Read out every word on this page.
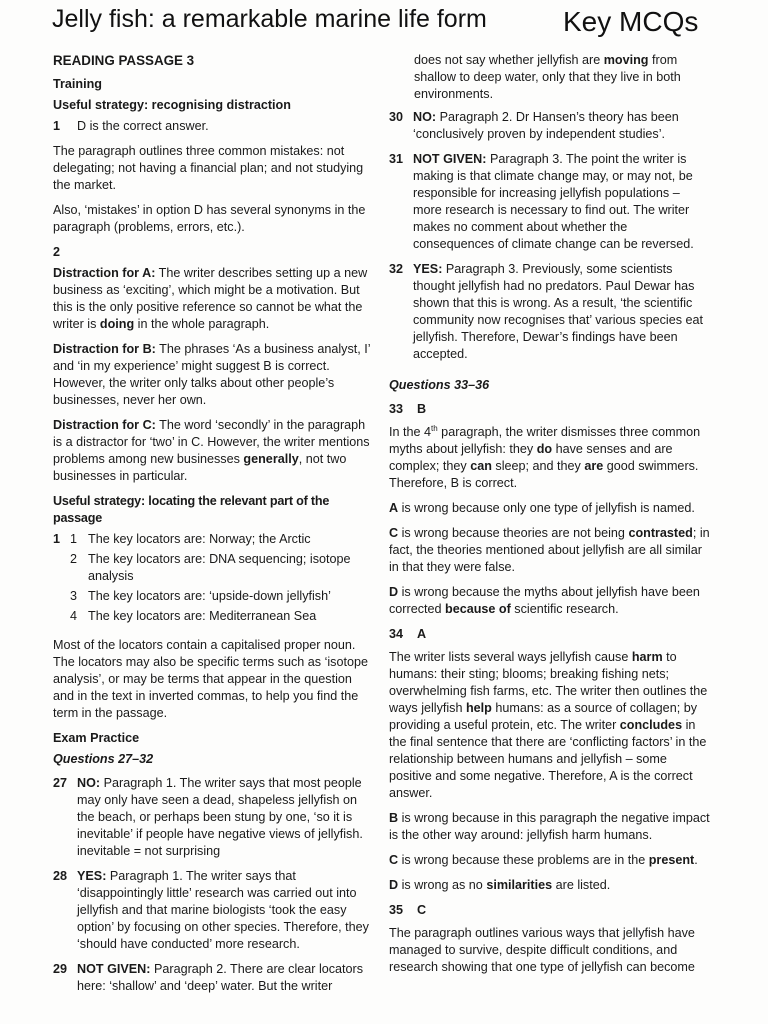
Jelly fish: a remarkable marine life form	Key MCQs
READING PASSAGE 3
Training
Useful strategy: recognising distraction
1	D is the correct answer.

The paragraph outlines three common mistakes: not delegating; not having a financial plan; and not studying the market.

Also, ‘mistakes’ in option D has several synonyms in the paragraph (problems, errors, etc.).

2

Distraction for A: The writer describes setting up a new business as ‘exciting’, which might be a motivation. But this is the only positive reference so cannot be what the writer is doing in the whole paragraph.

Distraction for B: The phrases ‘As a business analyst, I’ and ‘in my experience’ might suggest B is correct. However, the writer only talks about other people’s businesses, never her own.

Distraction for C: The word ‘secondly’ in the paragraph is a distractor for ‘two’ in C. However, the writer mentions problems among new businesses generally, not two businesses in particular.

Useful strategy: locating the relevant part of the passage
1 1 The key locators are: Norway; the Arctic
2 The key locators are: DNA sequencing; isotope analysis
3 The key locators are: ‘upside-down jellyfish’
4 The key locators are: Mediterranean Sea

Most of the locators contain a capitalised proper noun. The locators may also be specific terms such as ‘isotope analysis’, or may be terms that appear in the question and in the text in inverted commas, to help you find the term in the passage.

Exam Practice
Questions 27–32
27 NO: Paragraph 1. The writer says that most people may only have seen a dead, shapeless jellyfish on the beach, or perhaps been stung by one, ‘so it is inevitable’ if people have negative views of jellyfish. inevitable = not surprising
28 YES: Paragraph 1. The writer says that ‘disappointingly little’ research was carried out into jellyfish and that marine biologists ‘took the easy option’ by focusing on other species. Therefore, they ‘should have conducted’ more research.
29 NOT GIVEN: Paragraph 2. There are clear locators here: ‘shallow’ and ‘deep’ water. But the writer
does not say whether jellyfish are moving from shallow to deep water, only that they live in both environments.
30 NO: Paragraph 2. Dr Hansen’s theory has been ‘conclusively proven by independent studies’.
31 NOT GIVEN: Paragraph 3. The point the writer is making is that climate change may, or may not, be responsible for increasing jellyfish populations – more research is necessary to find out. The writer makes no comment about whether the consequences of climate change can be reversed.
32 YES: Paragraph 3. Previously, some scientists thought jellyfish had no predators. Paul Dewar has shown that this is wrong. As a result, ‘the scientific community now recognises that’ various species eat jellyfish. Therefore, Dewar’s findings have been accepted.
Questions 33–36
33 B

In the 4th paragraph, the writer dismisses three common myths about jellyfish: they do have senses and are complex; they can sleep; and they are good swimmers. Therefore, B is correct.

A is wrong because only one type of jellyfish is named.

C is wrong because theories are not being contrasted; in fact, the theories mentioned about jellyfish are all similar in that they were false.

D is wrong because the myths about jellyfish have been corrected because of scientific research.

34 A

The writer lists several ways jellyfish cause harm to humans: their sting; blooms; breaking fishing nets; overwhelming fish farms, etc. The writer then outlines the ways jellyfish help humans: as a source of collagen; by providing a useful protein, etc. The writer concludes in the final sentence that there are ‘conflicting factors’ in the relationship between humans and jellyfish – some positive and some negative. Therefore, A is the correct answer.

B is wrong because in this paragraph the negative impact is the other way around: jellyfish harm humans.

C is wrong because these problems are in the present.

D is wrong as no similarities are listed.

35 C

The paragraph outlines various ways that jellyfish have managed to survive, despite difficult conditions, and research showing that one type of jellyfish can become
